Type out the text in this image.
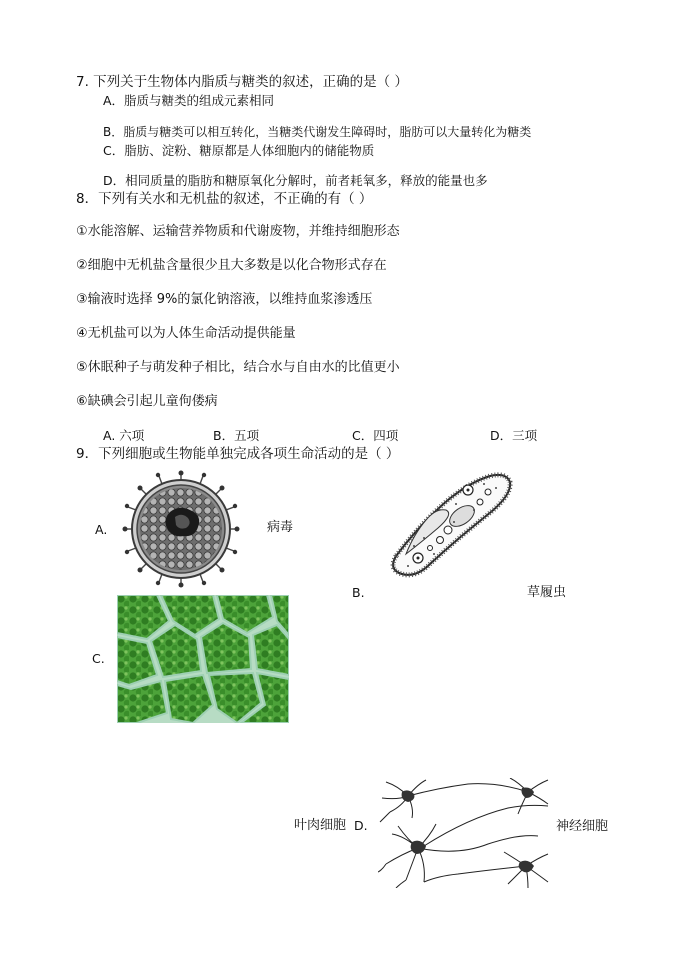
7. 下列关于生物体内脂质与糖类的叙述，正确的是（ ）
A．脂质与糖类的组成元素相同
B．脂质与糖类可以相互转化，当糖类代谢发生障碍时，脂肪可以大量转化为糖类
C．脂肪、淀粉、糖原都是人体细胞内的储能物质
D．相同质量的脂肪和糖原氧化分解时，前者耗氧多，释放的能量也多
8．下列有关水和无机盐的叙述，不正确的有（ ）
①水能溶解、运输营养物质和代谢废物，并维持细胞形态
②细胞中无机盐含量很少且大多数是以化合物形式存在
③输液时选择 9%的氯化钠溶液，以维持血浆渗透压
④无机盐可以为人体生命活动提供能量
⑤休眠种子与萌发种子相比，结合水与自由水的比值更小
⑥缺碘会引起儿童佝偻病
A. 六项	B．五项	C．四项	D．三项
9．下列细胞或生物能单独完成各项生命活动的是（ ）
A.	病毒
B.	草履虫
C.
叶肉细胞 D.	神经细胞
